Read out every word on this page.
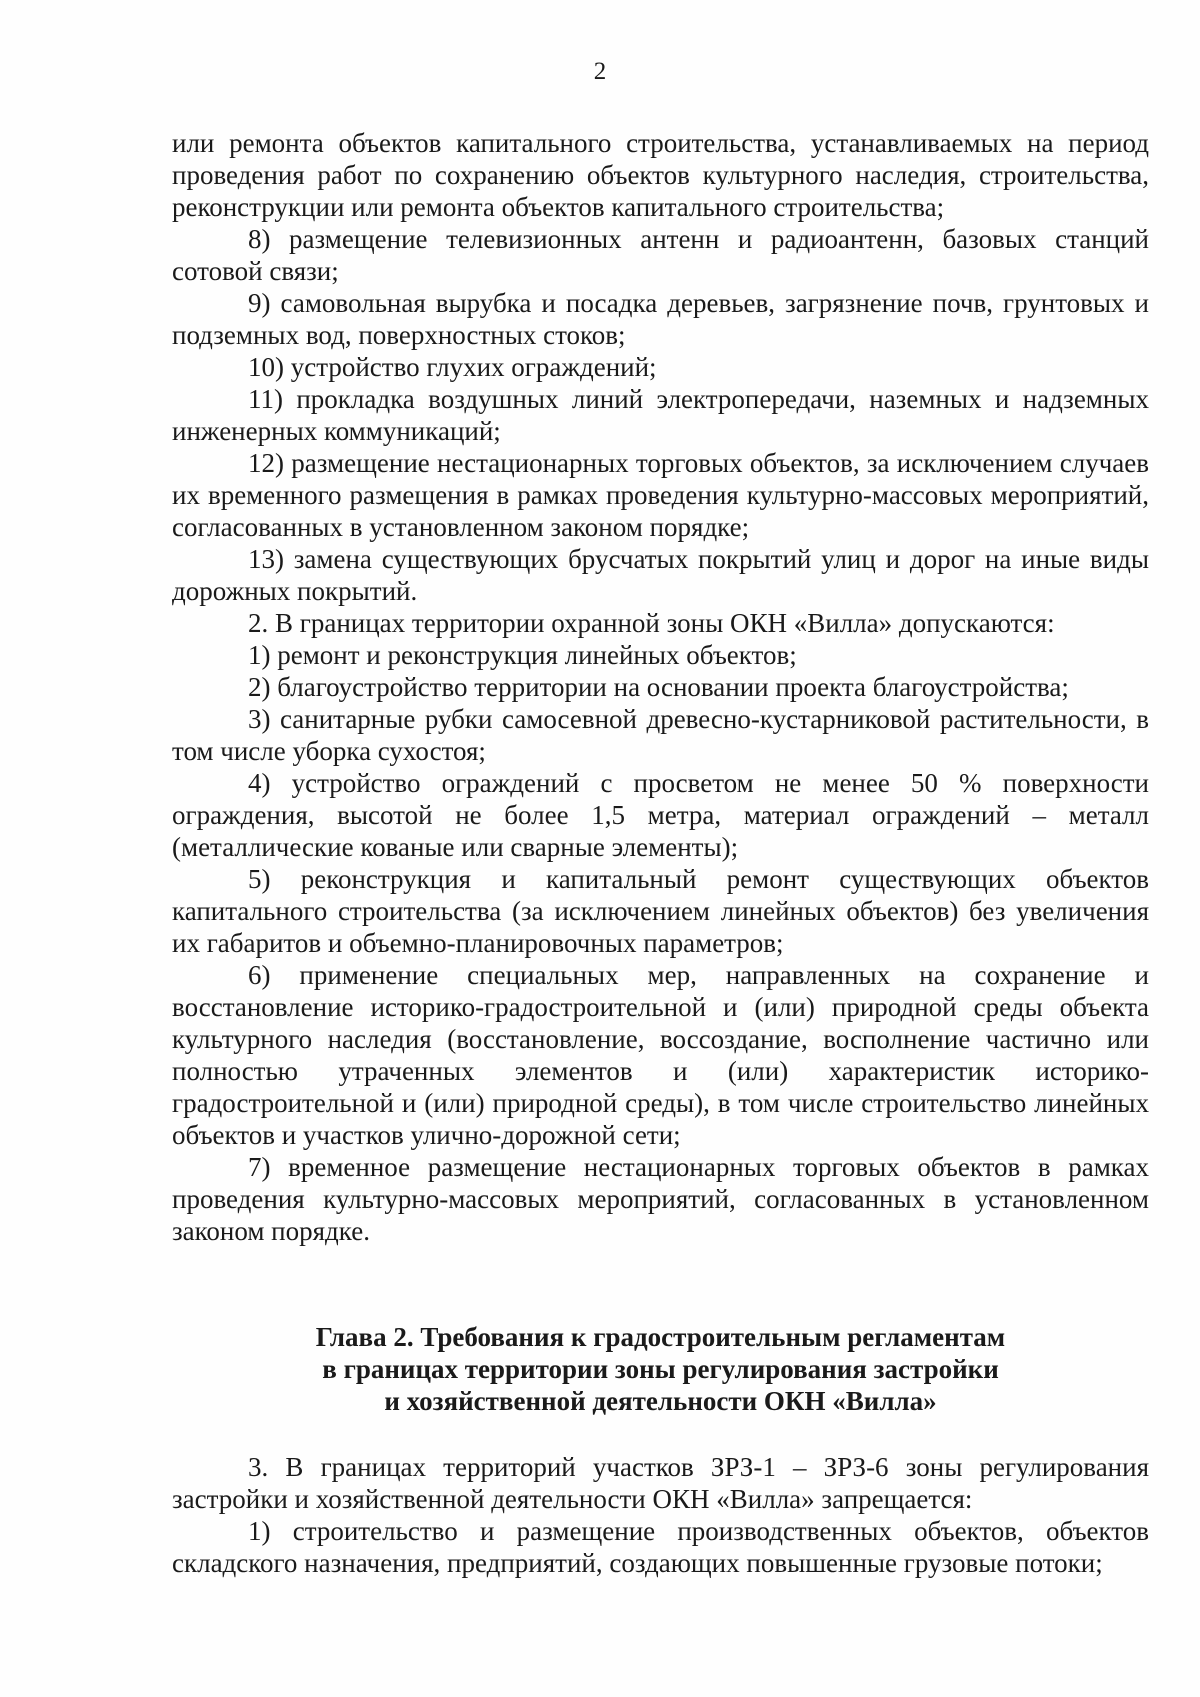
2

или ремонта объектов капитального строительства, устанавливаемых на период проведения работ по сохранению объектов культурного наследия, строительства, реконструкции или ремонта объектов капитального строительства;

8) размещение телевизионных антенн и радиоантенн, базовых станций сотовой связи;

9) самовольная вырубка и посадка деревьев, загрязнение почв, грунтовых и подземных вод, поверхностных стоков;

10) устройство глухих ограждений;

11) прокладка воздушных линий электропередачи, наземных и надземных инженерных коммуникаций;

12) размещение нестационарных торговых объектов, за исключением случаев их временного размещения в рамках проведения культурно-массовых мероприятий, согласованных в установленном законом порядке;

13) замена существующих брусчатых покрытий улиц и дорог на иные виды дорожных покрытий.

2. В границах территории охранной зоны ОКН «Вилла» допускаются:

1) ремонт и реконструкция линейных объектов;

2) благоустройство территории на основании проекта благоустройства;

3) санитарные рубки самосевной древесно-кустарниковой растительности, в том числе уборка сухостоя;

4) устройство ограждений с просветом не менее 50 % поверхности ограждения, высотой не более 1,5 метра, материал ограждений – металл (металлические кованые или сварные элементы);

5) реконструкция и капитальный ремонт существующих объектов капитального строительства (за исключением линейных объектов) без увеличения их габаритов и объемно-планировочных параметров;

6) применение специальных мер, направленных на сохранение и восстановление историко-градостроительной и (или) природной среды объекта культурного наследия (восстановление, воссоздание, восполнение частично или полностью утраченных элементов и (или) характеристик историко-градостроительной и (или) природной среды), в том числе строительство линейных объектов и участков улично-дорожной сети;

7) временное размещение нестационарных торговых объектов в рамках проведения культурно-массовых мероприятий, согласованных в установленном законом порядке.

Глава 2. Требования к градостроительным регламентам
в границах территории зоны регулирования застройки
и хозяйственной деятельности ОКН «Вилла»

3. В границах территорий участков ЗРЗ-1 – ЗРЗ-6 зоны регулирования застройки и хозяйственной деятельности ОКН «Вилла» запрещается:

1) строительство и размещение производственных объектов, объектов складского назначения, предприятий, создающих повышенные грузовые потоки;
